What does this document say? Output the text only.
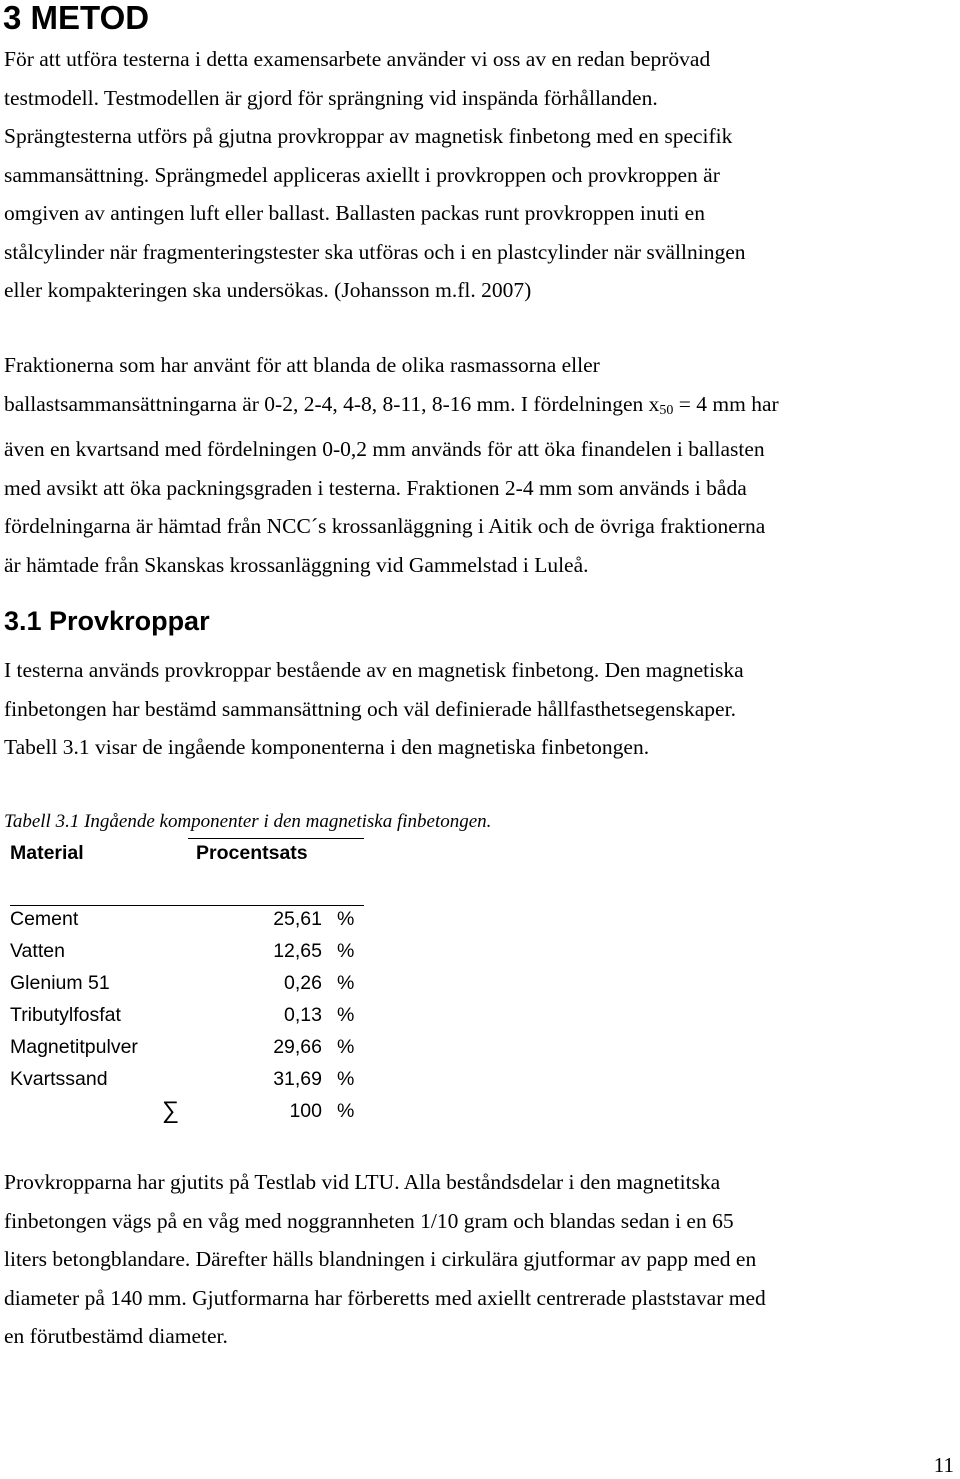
3 METOD
För att utföra testerna i detta examensarbete använder vi oss av en redan beprövad
testmodell. Testmodellen är gjord för sprängning vid inspända förhållanden.
Sprängtesterna utförs på gjutna provkroppar av magnetisk finbetong med en specifik
sammansättning. Sprängmedel appliceras axiellt i provkroppen och provkroppen är
omgiven av antingen luft eller ballast. Ballasten packas runt provkroppen inuti en
stålcylinder när fragmenteringstester ska utföras och i en plastcylinder när svällningen
eller kompakteringen ska undersökas. (Johansson m.fl. 2007)
Fraktionerna som har använt för att blanda de olika rasmassorna eller
ballastsammansättningarna är 0-2, 2-4, 4-8, 8-11, 8-16 mm. I fördelningen $x_{50} = 4$ mm har
även en kvartsand med fördelningen 0-0,2 mm används för att öka finandelen i ballasten
med avsikt att öka packningsgraden i testerna. Fraktionen 2-4 mm som används i båda
fördelningarna är hämtad från NCC´s krossanläggning i Aitik och de övriga fraktionerna
är hämtade från Skanskas krossanläggning vid Gammelstad i Luleå.
3.1 Provkroppar
I testerna används provkroppar bestående av en magnetisk finbetong. Den magnetiska
finbetongen har bestämd sammansättning och väl definierade hållfasthetsegenskaper.
Tabell 3.1 visar de ingående komponenterna i den magnetiska finbetongen.
Tabell 3.1 Ingående komponenter i den magnetiska finbetongen.
Material	Procentsats
Cement	25,61 %
Vatten	12,65 %
Glenium 51	0,26 %
Tributylfosfat	0,13 %
Magnetitpulver	29,66 %
Kvartssand	31,69 %
∑	100 %
Provkropparna har gjutits på Testlab vid LTU. Alla beståndsdelar i den magnetitska
finbetongen vägs på en våg med noggrannheten 1/10 gram och blandas sedan i en 65
liters betongblandare. Därefter hälls blandningen i cirkulära gjutformar av papp med en
diameter på 140 mm. Gjutformarna har förberetts med axiellt centrerade plaststavar med
en förutbestämd diameter.
11
